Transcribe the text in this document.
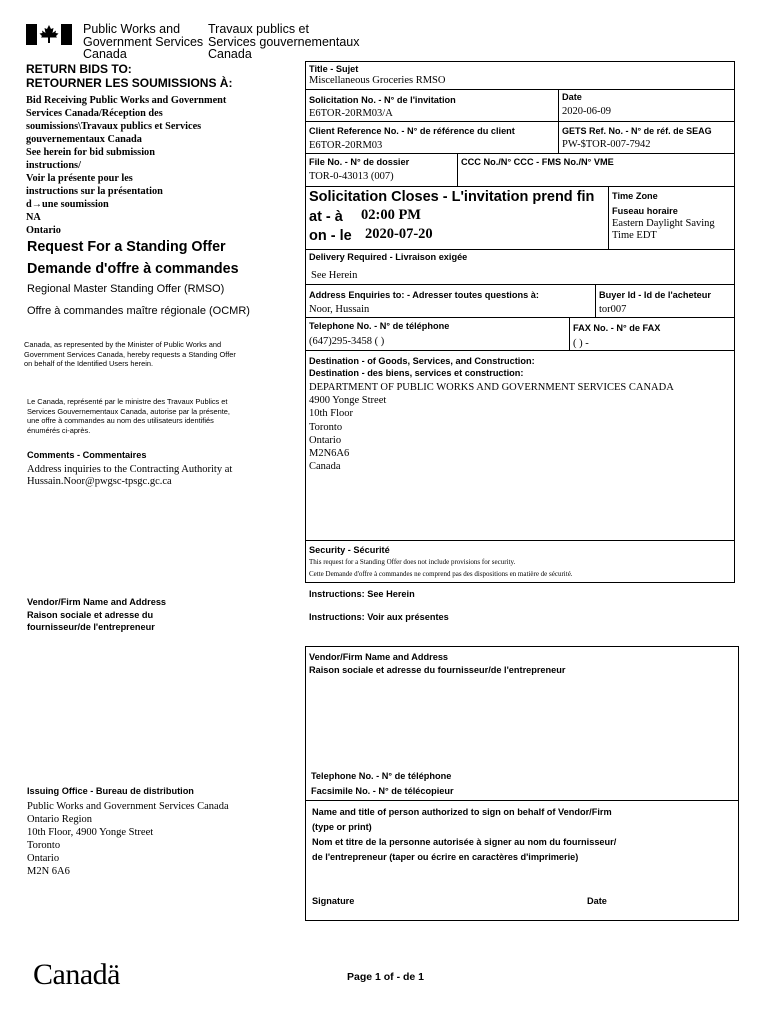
Public Works and
Government Services
Canada
Travaux publics et
Services gouvernementaux
Canada
RETURN BIDS TO:
RETOURNER LES SOUMISSIONS À:
Bid Receiving Public Works and Government
Services Canada/Réception des
soumissions\Travaux publics et Services
gouvernementaux Canada
See herein for bid submission
instructions/
Voir la présente pour les
instructions sur la présentation
d→une soumission
NA
Ontario
Request For a Standing Offer
Demande d'offre à commandes
Regional Master Standing Offer (RMSO)
Offre à commandes maître régionale (OCMR)
Canada, as represented by the Minister of Public Works and
Government Services Canada, hereby requests a Standing Offer
on behalf of the Identified Users herein.
Le Canada, représenté par le ministre des Travaux Publics et
Services Gouvernementaux Canada, autorise par la présente,
une offre à commandes au nom des utilisateurs identifiés
énumérés ci-après.
Comments - Commentaires
Address inquiries to the Contracting Authority at
Hussain.Noor@pwgsc-tpsgc.gc.ca
Vendor/Firm Name and Address
Raison sociale et adresse du
fournisseur/de l'entrepreneur
Issuing Office - Bureau de distribution
Public Works and Government Services Canada
Ontario Region
10th Floor, 4900 Yonge Street
Toronto
Ontario
M2N 6A6
Title - Sujet
Miscellaneous Groceries RMSO
Solicitation No. - N° de l'invitation
E6TOR-20RM03/A
Date
2020-06-09
Client Reference No. - N° de référence du client
E6TOR-20RM03
GETS Ref. No. - N° de réf. de SEAG
PW-$TOR-007-7942
File No. - N° de dossier
TOR-0-43013 (007)
CCC No./N° CCC - FMS No./N° VME
Solicitation Closes - L'invitation prend fin
at - à 02:00 PM
on - le 2020-07-20
Time Zone
Fuseau horaire
Eastern Daylight Saving
Time EDT
Delivery Required - Livraison exigée
See Herein
Address Enquiries to: - Adresser toutes questions à:
Noor, Hussain
Buyer Id - Id de l'acheteur
tor007
Telephone No. - N° de téléphone
(647)295-3458 ( )
FAX No. - N° de FAX
( ) -
Destination - of Goods, Services, and Construction:
Destination - des biens, services et construction:
DEPARTMENT OF PUBLIC WORKS AND GOVERNMENT SERVICES CANADA
4900 Yonge Street
10th Floor
Toronto
Ontario
M2N6A6
Canada
Security - Sécurité
This request for a Standing Offer does not include provisions for security.
Cette Demande d'offre à commandes ne comprend pas des dispositions en matière de sécurité.
Instructions: See Herein
Instructions: Voir aux présentes
Vendor/Firm Name and Address
Raison sociale et adresse du fournisseur/de l'entrepreneur
Telephone No. - N° de téléphone
Facsimile No. - N° de télécopieur
Name and title of person authorized to sign on behalf of Vendor/Firm
(type or print)
Nom et titre de la personne autorisée à signer au nom du fournisseur/
de l'entrepreneur (taper ou écrire en caractères d'imprimerie)
Signature	Date
Canadä	Page 1 of - de 1
